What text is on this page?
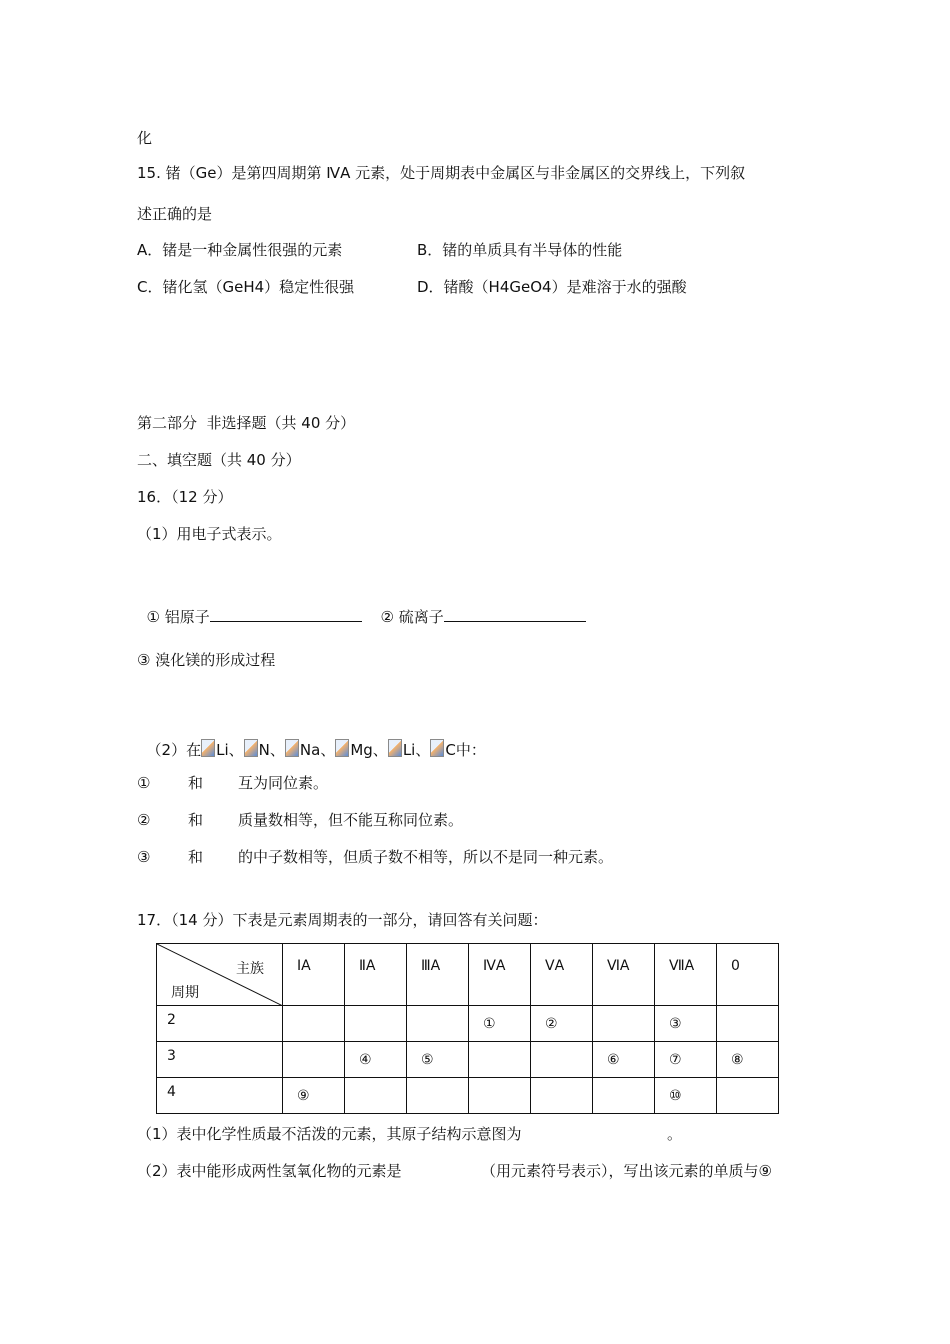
化
15. 锗（Ge）是第四周期第 ⅣA 元素，处于周期表中金属区与非金属区的交界线上，下列叙
述正确的是
A．锗是一种金属性很强的元素	B．锗的单质具有半导体的性能
C．锗化氢（GeH4）稳定性很强	D．锗酸（H4GeO4）是难溶于水的强酸
第二部分  非选择题（共 40 分）
二、填空题（共 40 分）
16．（12 分）
（1）用电子式表示。

① 铝原子	② 硫离子

③ 溴化镁的形成过程

（2）在 Li、 N、 Na、 Mg、 Li、 C中：

①	和 互为同位素。
②	和 质量数相等，但不能互称同位素。
③	和 的中子数相等，但质子数不相等，所以不是同一种元素。
17．（14 分）下表是元素周期表的一部分，请回答有关问题：
主族
周期	ⅠA	ⅡA	ⅢA	ⅣA	ⅤA	ⅥA	ⅦA	0
2				①	②		③	
3		④	⑤			⑥	⑦	⑧
4	⑨						⑩	
（1）表中化学性质最不活泼的元素，其原子结构示意图为	。
（2）表中能形成两性氢氧化物的元素是	（用元素符号表示），写出该元素的单质与⑨
